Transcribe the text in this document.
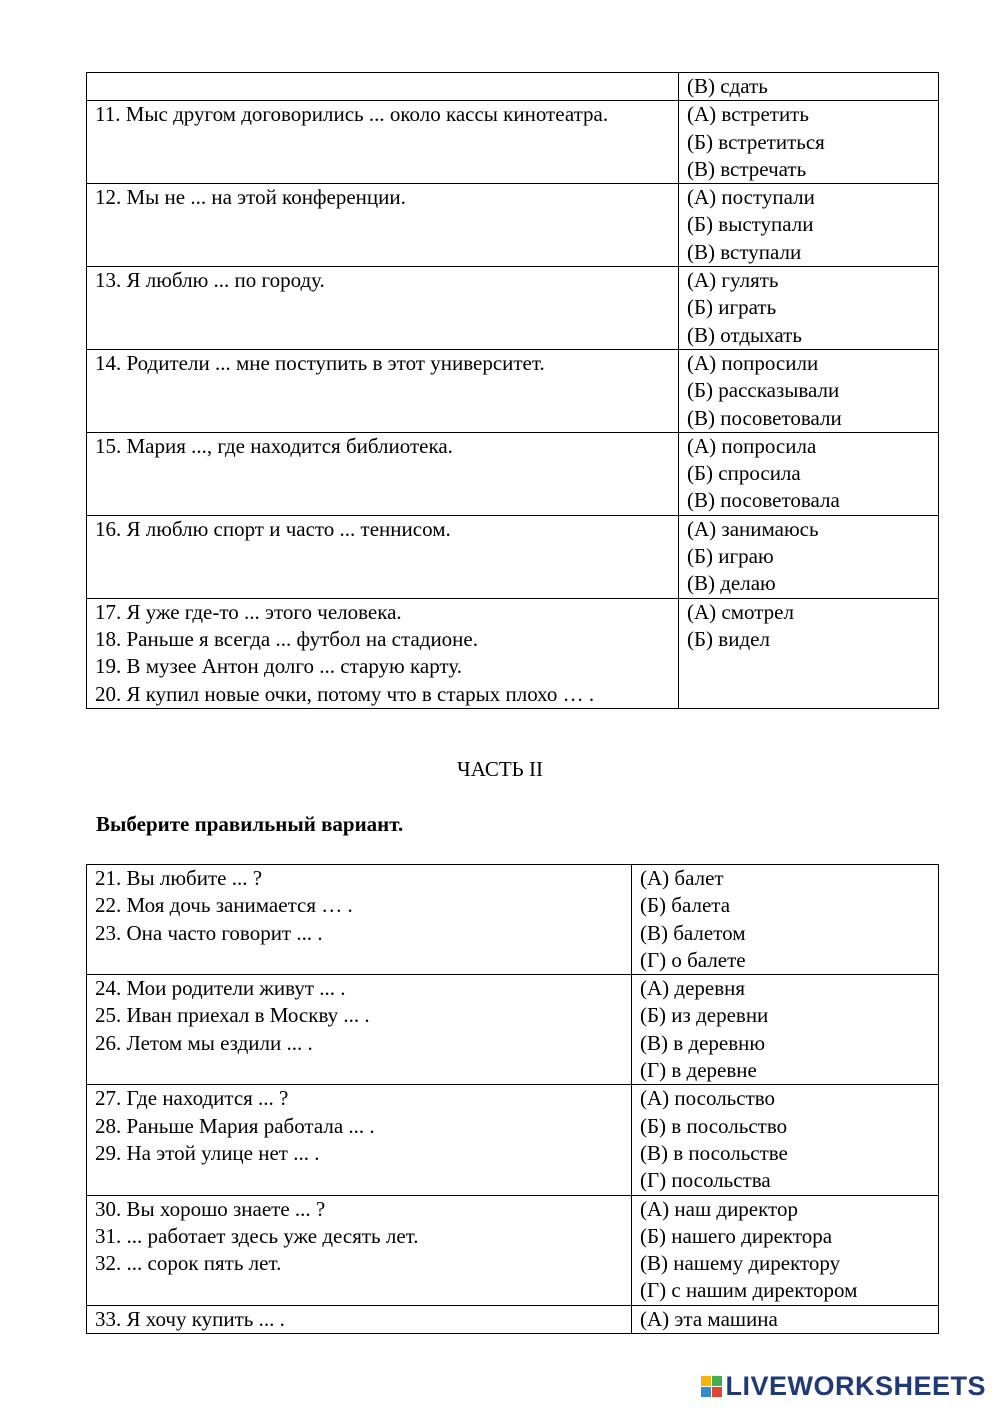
	(В) сдать

11. Мыс другом договорились ... около кассы кинотеатра.	(А) встретить
(Б) встретиться
(В) встречать

12. Мы не ... на этой конференции.	(А) поступали
(Б) выступали
(В) вступали

13. Я люблю ... по городу.	(А) гулять
(Б) играть
(В) отдыхать

14. Родители ... мне поступить в этот университет.	(А) попросили
(Б) рассказывали
(В) посоветовали

15. Мария ..., где находится библиотека.	(А) попросила
(Б) спросила
(В) посоветовала

16. Я люблю спорт и часто ... теннисом.	(А) занимаюсь
(Б) играю
(В) делаю

17. Я уже где-то ... этого человека.
18. Раньше я всегда ... футбол на стадионе.
19. В музее Антон долго ... старую карту.
20. Я купил новые очки, потому что в старых плохо … .	(А) смотрел
(Б) видел
ЧАСТЬ II
Выберите правильный вариант.
21. Вы любите ... ?
22. Моя дочь занимается … .
23. Она часто говорит ... .	(А) балет
(Б) балета
(В) балетом
(Г) о балете

24. Мои родители живут ... .
25. Иван приехал в Москву ... .
26. Летом мы ездили ... .	(А) деревня
(Б) из деревни
(В) в деревню
(Г) в деревне

27. Где находится ... ?
28. Раньше Мария работала ... .
29. На этой улице нет ... .	(А) посольство
(Б) в посольство
(В) в посольстве
(Г) посольства

30. Вы хорошо знаете ... ?
31. ... работает здесь уже десять лет.
32. ... сорок пять лет.	(А) наш директор
(Б) нашего директора
(В) нашему директору
(Г) с нашим директором

33. Я хочу купить ... .	(А) эта машина
LIVEWORKSHEETS
